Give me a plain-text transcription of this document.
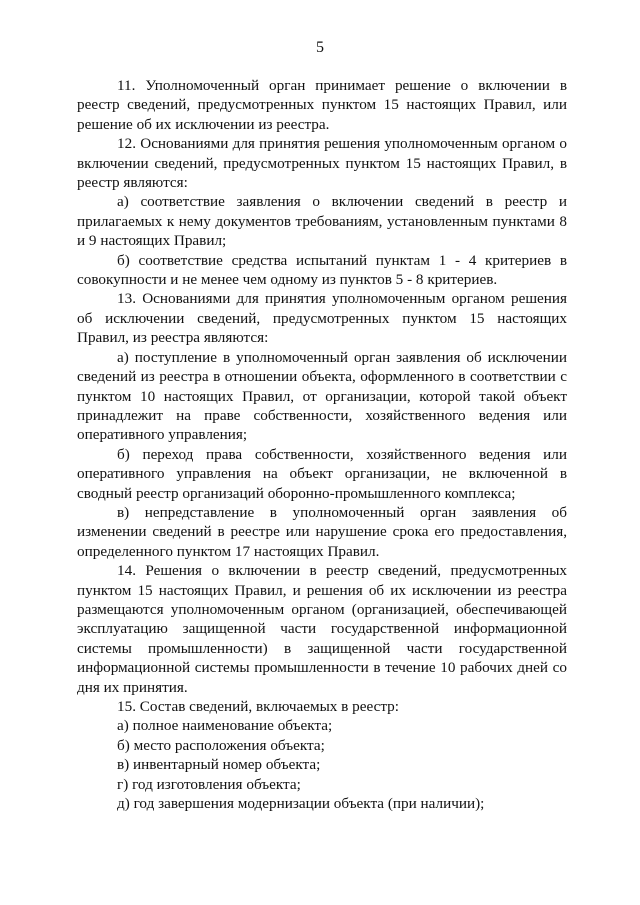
5

11. Уполномоченный орган принимает решение о включении в реестр сведений, предусмотренных пунктом 15 настоящих Правил, или решение об их исключении из реестра.

12. Основаниями для принятия решения уполномоченным органом о включении сведений, предусмотренных пунктом 15 настоящих Правил, в реестр являются:

а) соответствие заявления о включении сведений в реестр и прилагаемых к нему документов требованиям, установленным пунктами 8 и 9 настоящих Правил;

б) соответствие средства испытаний пунктам 1 - 4 критериев в совокупности и не менее чем одному из пунктов 5 - 8 критериев.

13. Основаниями для принятия уполномоченным органом решения об исключении сведений, предусмотренных пунктом 15 настоящих Правил, из реестра являются:

а) поступление в уполномоченный орган заявления об исключении сведений из реестра в отношении объекта, оформленного в соответствии с пунктом 10 настоящих Правил, от организации, которой такой объект принадлежит на праве собственности, хозяйственного ведения или оперативного управления;

б) переход права собственности, хозяйственного ведения или оперативного управления на объект организации, не включенной в сводный реестр организаций оборонно-промышленного комплекса;

в) непредставление в уполномоченный орган заявления об изменении сведений в реестре или нарушение срока его предоставления, определенного пунктом 17 настоящих Правил.

14. Решения о включении в реестр сведений, предусмотренных пунктом 15 настоящих Правил, и решения об их исключении из реестра размещаются уполномоченным органом (организацией, обеспечивающей эксплуатацию защищенной части государственной информационной системы промышленности) в защищенной части государственной информационной системы промышленности в течение 10 рабочих дней со дня их принятия.

15. Состав сведений, включаемых в реестр:

а) полное наименование объекта;

б) место расположения объекта;

в) инвентарный номер объекта;

г) год изготовления объекта;

д) год завершения модернизации объекта (при наличии);
